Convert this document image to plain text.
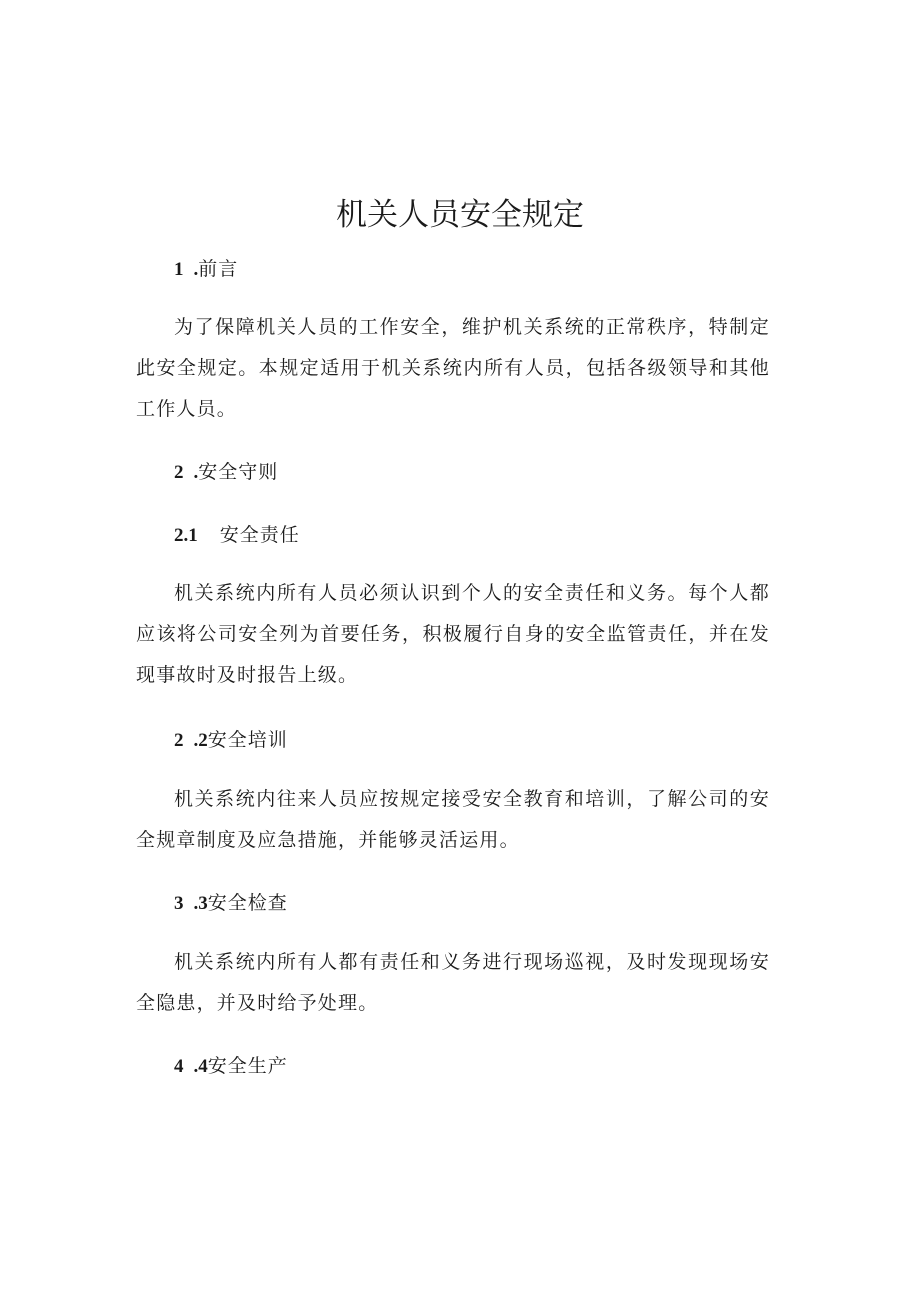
机关人员安全规定
1 .前言
为了保障机关人员的工作安全，维护机关系统的正常秩序，特制定此安全规定。本规定适用于机关系统内所有人员，包括各级领导和其他工作人员。
2 .安全守则
2.1 安全责任
机关系统内所有人员必须认识到个人的安全责任和义务。每个人都应该将公司安全列为首要任务，积极履行自身的安全监管责任，并在发现事故时及时报告上级。
2 .2安全培训
机关系统内往来人员应按规定接受安全教育和培训，了解公司的安全规章制度及应急措施，并能够灵活运用。
3 .3安全检查
机关系统内所有人都有责任和义务进行现场巡视，及时发现现场安全隐患，并及时给予处理。
4 .4安全生产
